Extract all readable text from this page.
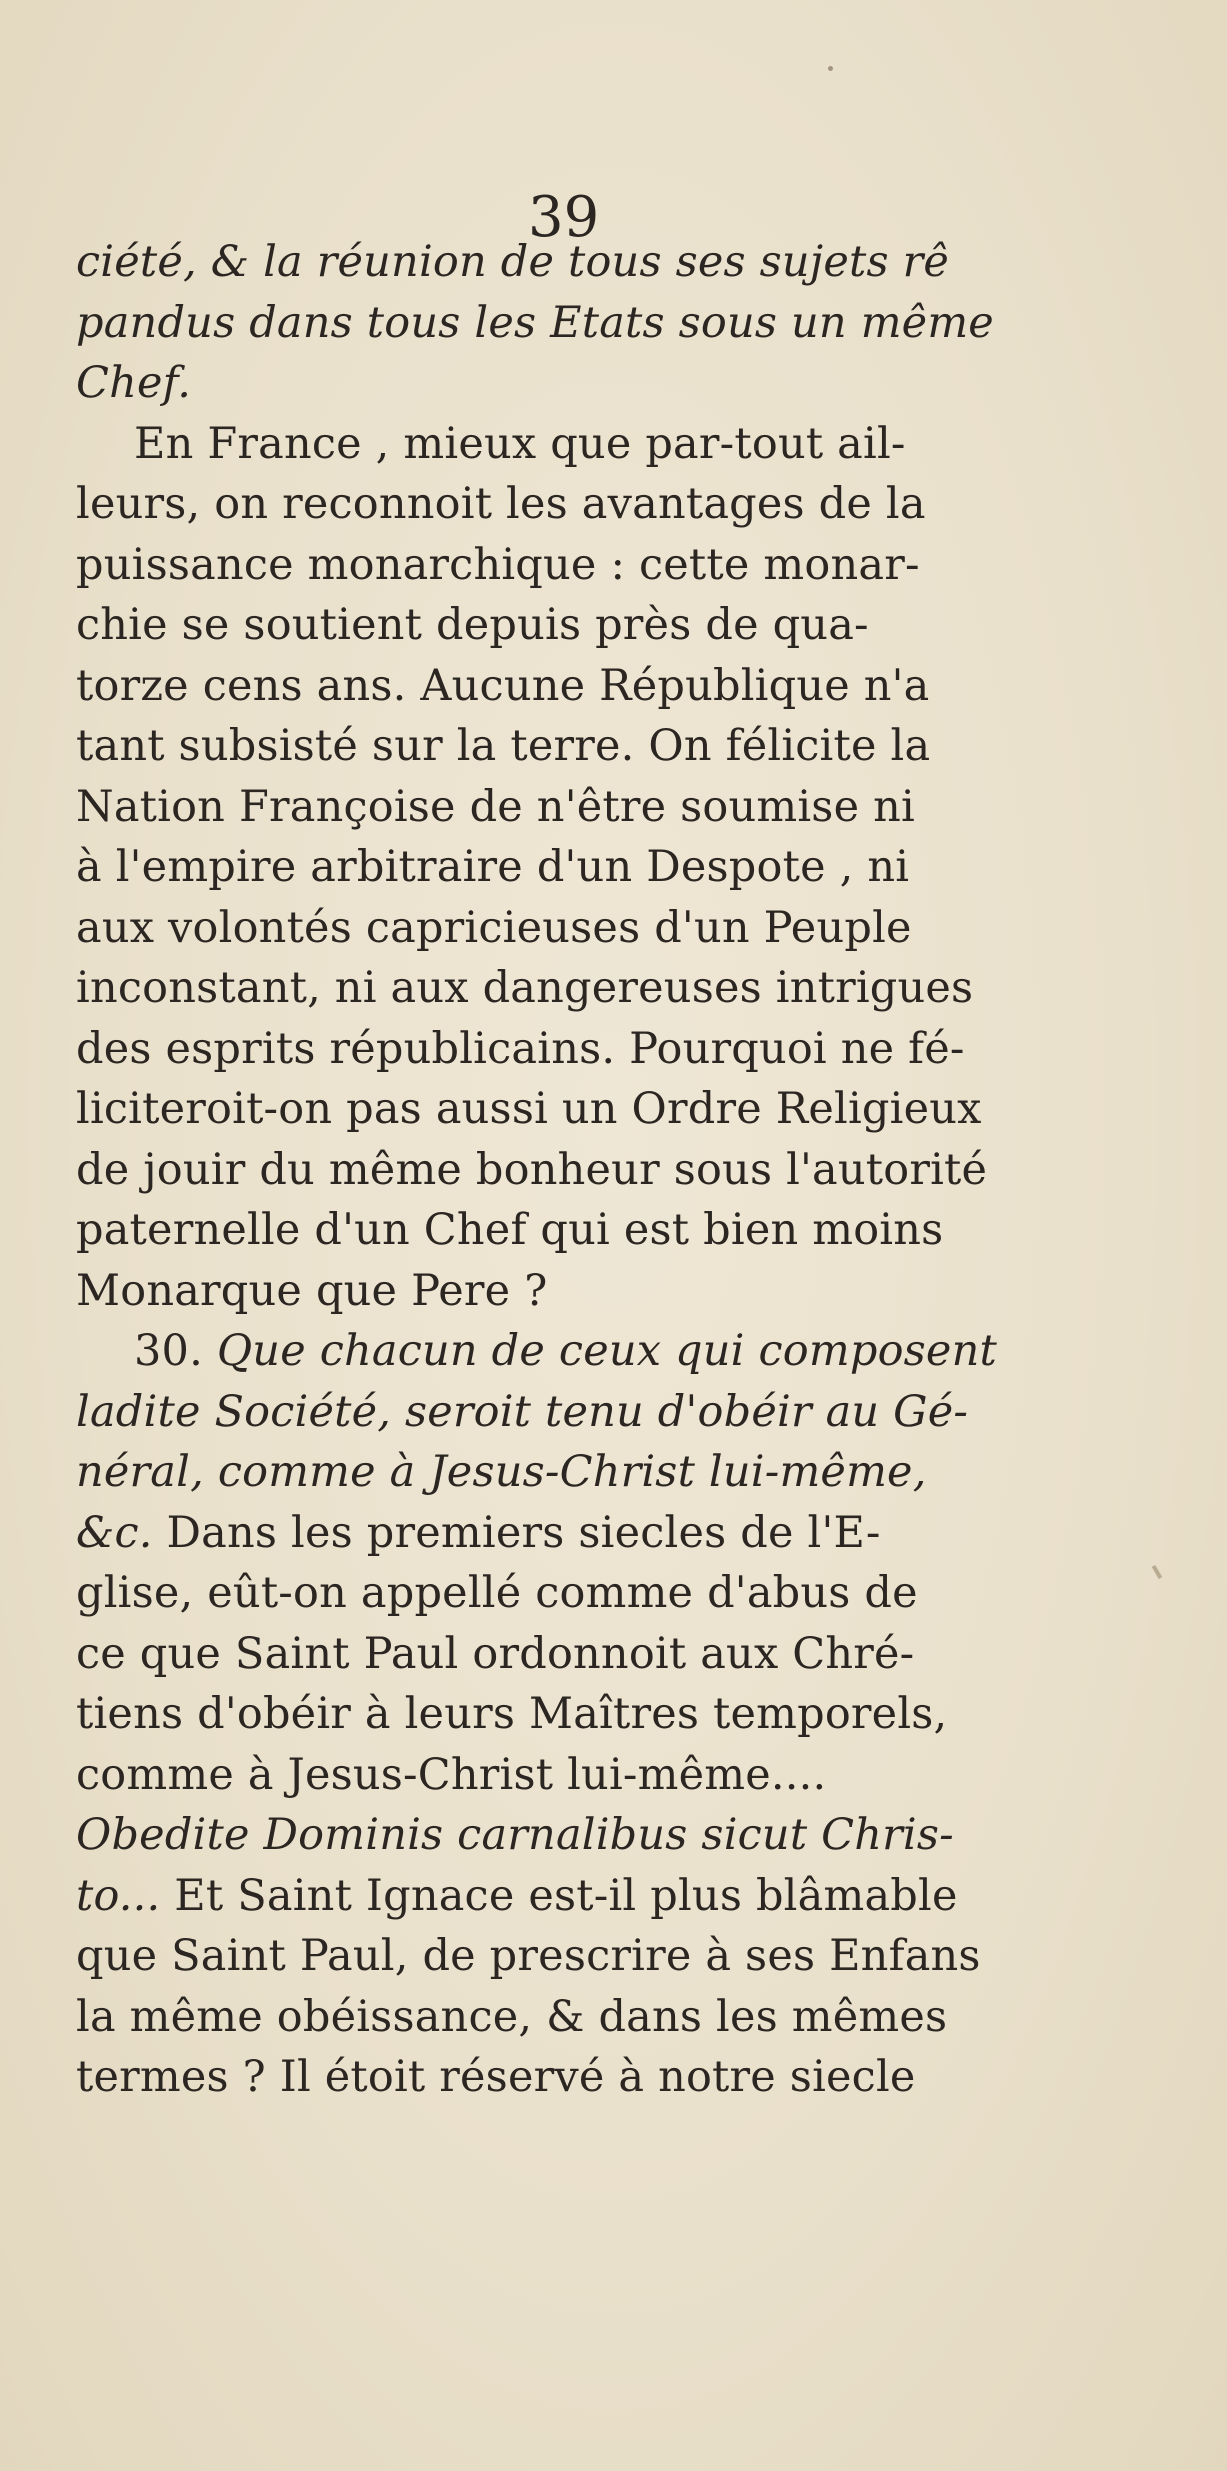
39
ciété, & la réunion de tous ses sujets rê
pandus dans tous les Etats sous un même
Chef.
En France , mieux que par-tout ail-
leurs, on reconnoit les avantages de la
puissance monarchique : cette monar-
chie se soutient depuis près de qua-
torze cens ans. Aucune République n'a
tant subsisté sur la terre. On félicite la
Nation Françoise de n'être soumise ni
à l'empire arbitraire d'un Despote , ni
aux volontés capricieuses d'un Peuple
inconstant, ni aux dangereuses intrigues
des esprits républicains. Pourquoi ne fé-
liciteroit-on pas aussi un Ordre Religieux
de jouir du même bonheur sous l'autorité
paternelle d'un Chef qui est bien moins
Monarque que Pere ?
30. Que chacun de ceux qui composent
ladite Société, seroit tenu d'obéir au Gé-
néral, comme à Jesus-Christ lui-même,
&c. Dans les premiers siecles de l'E-
glise, eût-on appellé comme d'abus de
ce que Saint Paul ordonnoit aux Chré-
tiens d'obéir à leurs Maîtres temporels,
comme à Jesus-Christ lui-même....
Obedite Dominis carnalibus sicut Chris-
to... Et Saint Ignace est-il plus blâmable
que Saint Paul, de prescrire à ses Enfans
la même obéissance, & dans les mêmes
termes ? Il étoit réservé à notre siecle
